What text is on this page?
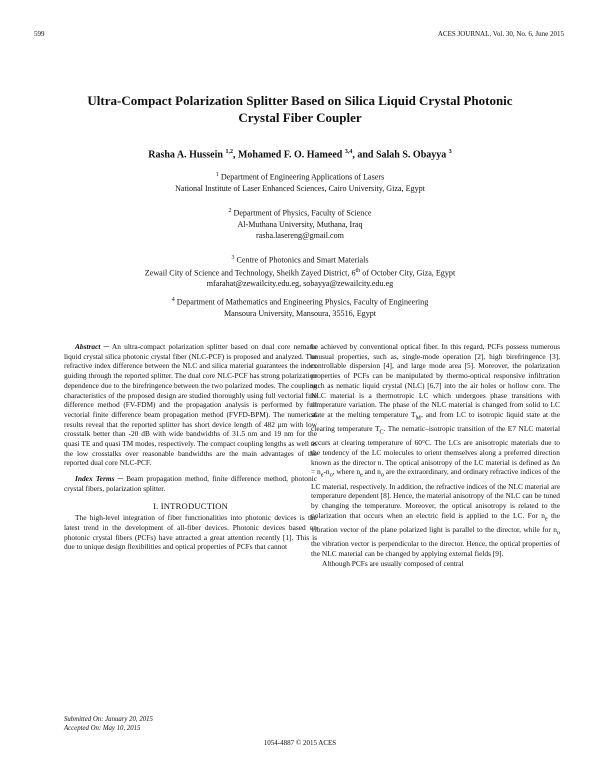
599	ACES JOURNAL, Vol. 30, No. 6, June 2015
Ultra-Compact Polarization Splitter Based on Silica Liquid Crystal Photonic
Crystal Fiber Coupler
Rasha A. Hussein $^{1,2}$, Mohamed F. O. Hameed $^{3,4}$, and Salah S. Obayya $^3$
$^1$ Department of Engineering Applications of Lasers
National Institute of Laser Enhanced Sciences, Cairo University, Giza, Egypt
$^2$ Department of Physics, Faculty of Science
Al-Muthana University, Muthana, Iraq
rasha.lasereng@gmail.com
$^3$ Centre of Photonics and Smart Materials
Zewail City of Science and Technology, Sheikh Zayed District, 6th of October City, Giza, Egypt
mfarahat@zewailcity.edu.eg, sobayya@zewailcity.edu.eg
$^4$ Department of Mathematics and Engineering Physics, Faculty of Engineering
Mansoura University, Mansoura, 35516, Egypt

Abstract ─ An ultra-compact polarization splitter based on dual core nematic liquid crystal silica photonic crystal fiber (NLC-PCF) is proposed and analyzed. The refractive index difference between the NLC and silica material guarantees the index guiding through the reported splitter. The dual core NLC-PCF has strong polarization dependence due to the birefringence between the two polarized modes. The coupling characteristics of the proposed design are studied thoroughly using full vectorial fine difference method (FV-FDM) and the propagation analysis is performed by full vectorial finite difference beam propagation method (FVFD-BPM). The numerical results reveal that the reported splitter has short device length of 482 µm with low crosstalk better than -20 dB with wide bandwidths of 31.5 nm and 19 nm for the quasi TE and quasi TM modes, respectively. The compact coupling lengths as well as the low crosstalks over reasonable bandwidths are the main advantages of the reported dual core NLC-PCF.

Index Terms ─ Beam propagation method, finite difference method, photonic crystal fibers, polarization splitter.

I. INTRODUCTION

The high-level integration of fiber functionalities into photonic devices is the latest trend in the development of all-fiber devices. Photonic devices based on photonic crystal fibers (PCFs) have attracted a great attention recently [1]. This is due to unique design flexibilities and optical properties of PCFs that cannot

be achieved by conventional optical fiber. In this regard, PCFs possess numerous unusual properties, such as, single-mode operation [2], high birefringence [3], controllable dispersion [4], and large mode area [5]. Moreover, the polarization properties of PCFs can be manipulated by thermo-optical responsive infiltration such as nematic liquid crystal (NLC) [6,7] into the air holes or hollow core. The NLC material is a thermotropic LC which undergoes phase transitions with temperature variation. The phase of the NLC material is changed from solid to LC state at the melting temperature $T_M$, and from LC to isotropic liquid state at the clearing temperature $T_C$. The nematic–isotropic transition of the E7 NLC material occurs at clearing temperature of 60°C. The LCs are anisotropic materials due to the tendency of the LC molecules to orient themselves along a preferred direction known as the director n. The optical anisotropy of the LC material is defined as $\Delta n = n_e-n_o$, where $n_e$ and $n_o$ are the extraordinary, and ordinary refractive indices of the LC material, respectively. In addition, the refractive indices of the NLC material are temperature dependent [8]. Hence, the material anisotropy of the NLC can be tuned by changing the temperature. Moreover, the optical anisotropy is related to the polarization that occurs when an electric field is applied to the LC. For $n_e$ the vibration vector of the plane polarized light is parallel to the director, while for $n_o$ the vibration vector is perpendicular to the director. Hence, the optical properties of the NLC material can be changed by applying external fields [9].

Although PCFs are usually composed of central

Submitted On: January 20, 2015
Accepted On: May 10, 2015
1054-4887 © 2015 ACES
